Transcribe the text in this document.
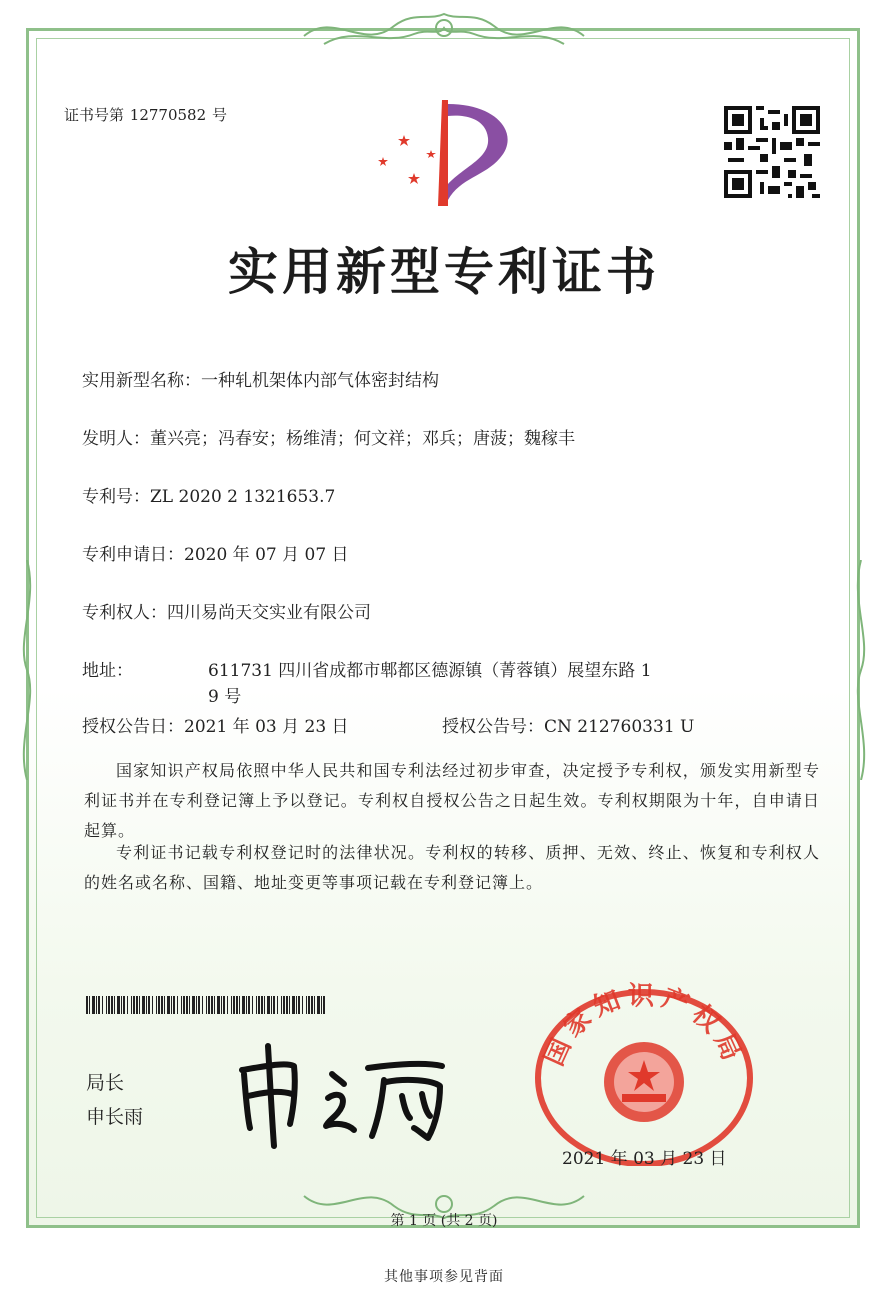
证书号第 12770582 号
实用新型专利证书
实用新型名称：一种轧机架体内部气体密封结构
发明人：董兴亮；冯春安；杨维清；何文祥；邓兵；唐菠；魏稼丰
专利号：ZL 2020 2 1321653.7
专利申请日：2020 年 07 月 07 日
专利权人：四川易尚天交实业有限公司
地址：	611731 四川省成都市郫都区德源镇（菁蓉镇）展望东路 1
9 号
授权公告日：2021 年 03 月 23 日	授权公告号：CN 212760331 U
国家知识产权局依照中华人民共和国专利法经过初步审查，决定授予专利权，颁发实用新型专利证书并在专利登记簿上予以登记。专利权自授权公告之日起生效。专利权期限为十年，自申请日起算。
专利证书记载专利权登记时的法律状况。专利权的转移、质押、无效、终止、恢复和专利权人的姓名或名称、国籍、地址变更等事项记载在专利登记簿上。
局长
申长雨
国家知识产权局
2021 年 03 月 23 日
第 1 页 (共 2 页)
其他事项参见背面
